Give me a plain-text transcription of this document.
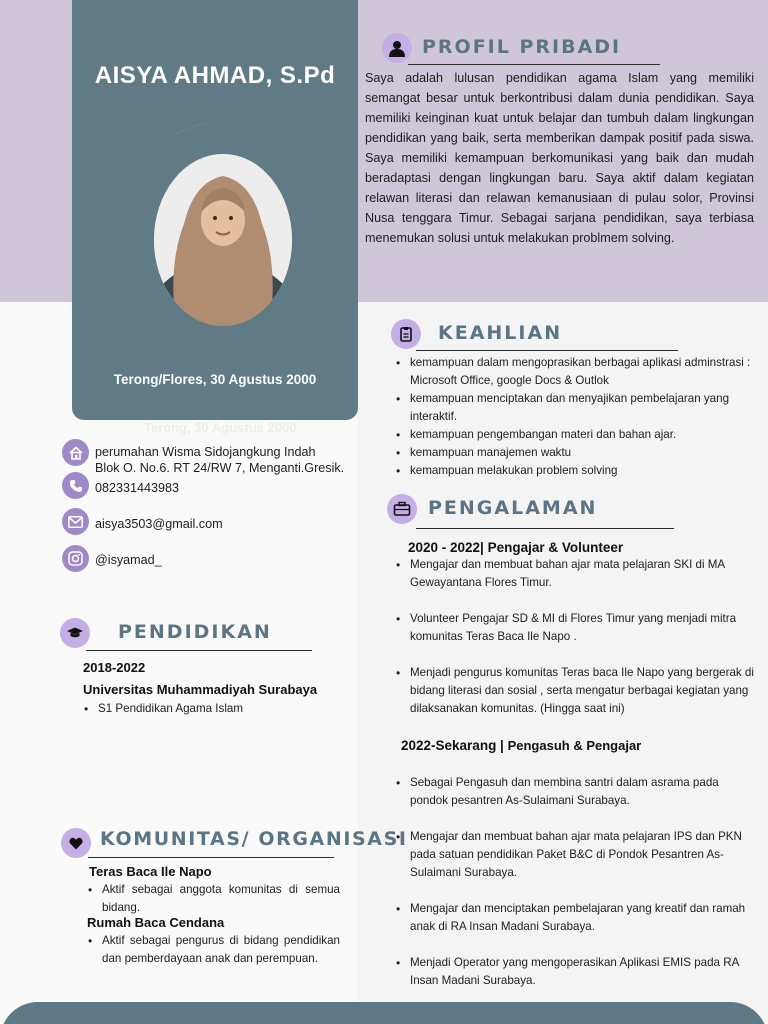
AISYA AHMAD, S.Pd
Terong/Flores, 30 Agustus 2000
Terong, 30 Agustus 2000
PROFIL PRIBADI
Saya adalah lulusan pendidikan agama Islam yang memiliki semangat besar untuk berkontribusi dalam dunia pendidikan. Saya memiliki keinginan kuat untuk belajar dan tumbuh dalam lingkungan pendidikan yang baik, serta memberikan dampak positif pada siswa. Saya memiliki kemampuan berkomunikasi yang baik dan mudah beradaptasi dengan lingkungan baru. Saya aktif dalam kegiatan relawan literasi dan relawan kemanusiaan di pulau solor, Provinsi Nusa tenggara Timur. Sebagai sarjana pendidikan, saya terbiasa menemukan solusi untuk melakukan problmem solving.
KEAHLIAN
• kemampuan dalam mengoprasikan berbagai aplikasi adminstrasi : Microsoft Office, google Docs & Outlok
• kemampuan menciptakan dan menyajikan pembelajaran yang interaktif.
• kemampuan pengembangan materi dan bahan ajar.
• kemampuan manajemen waktu
• kemampuan melakukan problem solving
PENGALAMAN
2020 - 2022| Pengajar & Volunteer
• Mengajar dan membuat bahan ajar mata pelajaran SKI di MA Gewayantana Flores Timur.
• Volunteer Pengajar SD & MI di Flores Timur yang menjadi mitra komunitas Teras Baca Ile Napo .
• Menjadi pengurus komunitas Teras baca Ile Napo yang bergerak di bidang literasi dan sosial , serta mengatur berbagai kegiatan yang dilaksanakan komunitas. (Hingga saat ini)
2022-Sekarang | Pengasuh & Pengajar
• Sebagai Pengasuh dan membina santri dalam asrama pada pondok pesantren As-Sulaimani Surabaya.
• Mengajar dan membuat bahan ajar mata pelajaran IPS dan PKN pada satuan pendidikan Paket B&C di Pondok Pesantren As-Sulaimani Surabaya.
• Mengajar dan menciptakan pembelajaran yang kreatif dan ramah anak di RA Insan Madani Surabaya.
• Menjadi Operator yang mengoperasikan Aplikasi EMIS pada RA Insan Madani Surabaya.
perumahan Wisma Sidojangkung Indah
Blok O. No.6. RT 24/RW 7, Menganti.Gresik.
082331443983
aisya3503@gmail.com
@isyamad_
PENDIDIKAN
2018-2022
Universitas Muhammadiyah Surabaya
• S1 Pendidikan Agama Islam
KOMUNITAS/ ORGANISASI
Teras Baca Ile Napo
• Aktif sebagai anggota komunitas di semua bidang.
Rumah Baca Cendana
• Aktif sebagai pengurus di bidang pendidikan dan pemberdayaan anak dan perempuan.
